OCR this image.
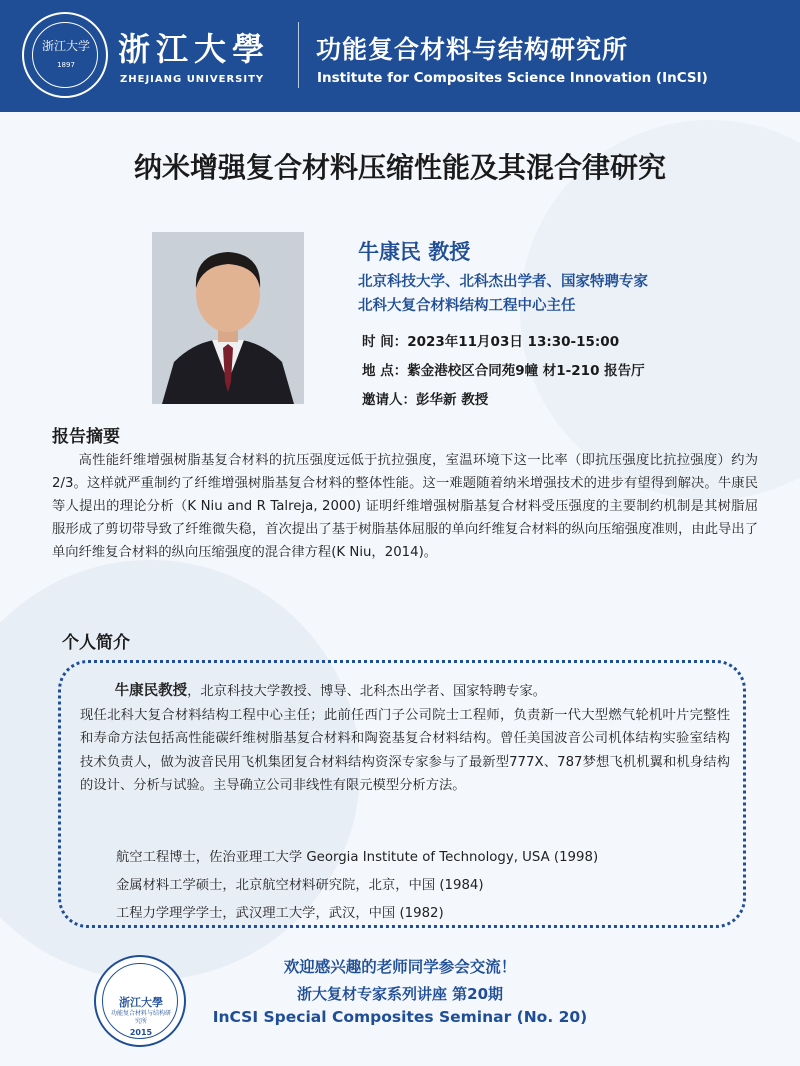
浙江大学
1897	浙江大學
ZHEJIANG UNIVERSITY
功能复合材料与结构研究所
Institute for Composites Science Innovation (InCSI)
纳米增强复合材料压缩性能及其混合律研究
牛康民 教授
北京科技大学、北科杰出学者、国家特聘专家
北科大复合材料结构工程中心主任
时 间：2023年11月03日 13:30-15:00
地 点：紫金港校区合同苑9幢 材1-210 报告厅
邀请人：彭华新 教授
报告摘要
高性能纤维增强树脂基复合材料的抗压强度远低于抗拉强度，室温环境下这一比率（即抗压强度比抗拉强度）约为2/3。这样就严重制约了纤维增强树脂基复合材料的整体性能。这一难题随着纳米增强技术的进步有望得到解决。牛康民等人提出的理论分析（K Niu and R Talreja, 2000) 证明纤维增强树脂基复合材料受压强度的主要制约机制是其树脂屈服形成了剪切带导致了纤维微失稳，首次提出了基于树脂基体屈服的单向纤维复合材料的纵向压缩强度准则，由此导出了单向纤维复合材料的纵向压缩强度的混合律方程(K Niu，2014)。
个人简介
牛康民教授，北京科技大学教授、博导、北科杰出学者、国家特聘专家。
现任北科大复合材料结构工程中心主任；此前任西门子公司院士工程师，负责新一代大型燃气轮机叶片完整性和寿命方法包括高性能碳纤维树脂基复合材料和陶瓷基复合材料结构。曾任美国波音公司机体结构实验室结构技术负责人，做为波音民用飞机集团复合材料结构资深专家参与了最新型777X、787梦想飞机机翼和机身结构的设计、分析与试验。主导确立公司非线性有限元模型分析方法。
航空工程博士，佐治亚理工大学 Georgia Institute of Technology, USA (1998)
金属材料工学硕士，北京航空材料研究院，北京，中国 (1984)
工程力学理学学士，武汉理工大学，武汉，中国 (1982)
浙江大學
功能复合材料与结构研究所
2015
欢迎感兴趣的老师同学参会交流！
浙大复材专家系列讲座 第20期
InCSI Special Composites Seminar (No. 20)
